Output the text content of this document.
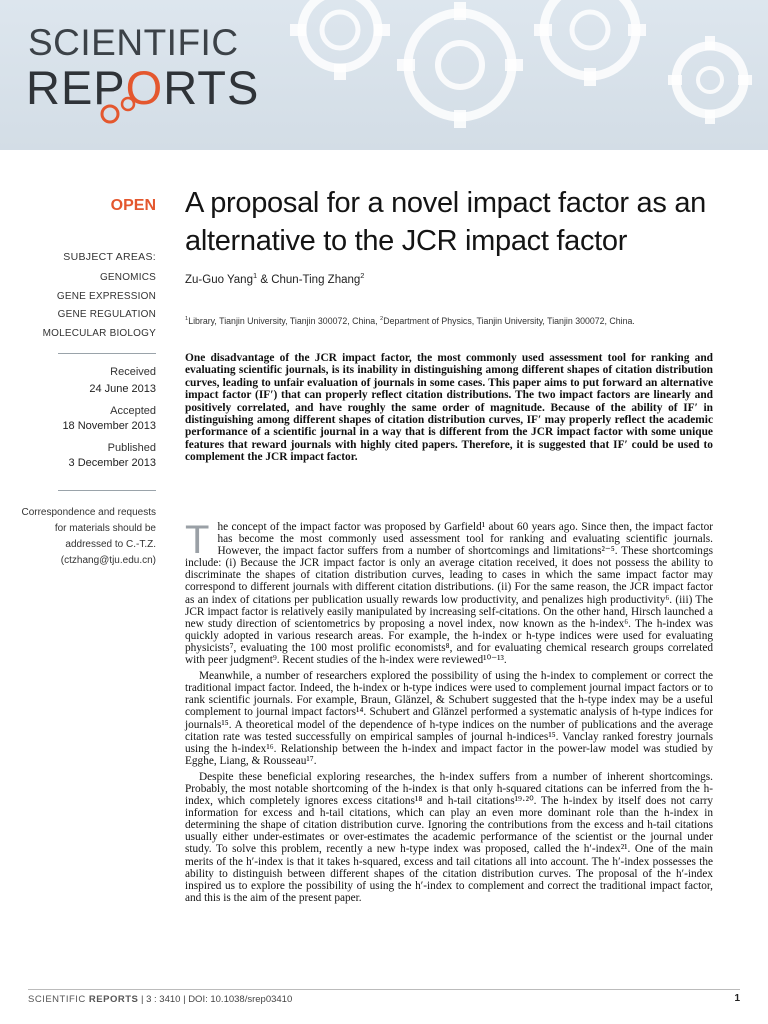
SCIENTIFIC
REPORTS
OPEN
SUBJECT AREAS:
GENOMICS
GENE EXPRESSION
GENE REGULATION
MOLECULAR BIOLOGY
Received
24 June 2013
Accepted
18 November 2013
Published
3 December 2013
Correspondence and requests for materials should be addressed to C.-T.Z. (ctzhang@tju.edu.cn)
A proposal for a novel impact factor as an alternative to the JCR impact factor
Zu-Guo Yang$^1$ & Chun-Ting Zhang$^2$
$^1$Library, Tianjin University, Tianjin 300072, China, $^2$Department of Physics, Tianjin University, Tianjin 300072, China.
One disadvantage of the JCR impact factor, the most commonly used assessment tool for ranking and evaluating scientific journals, is its inability in distinguishing among different shapes of citation distribution curves, leading to unfair evaluation of journals in some cases. This paper aims to put forward an alternative impact factor (IF′) that can properly reflect citation distributions. The two impact factors are linearly and positively correlated, and have roughly the same order of magnitude. Because of the ability of IF′ in distinguishing among different shapes of citation distribution curves, IF′ may properly reflect the academic performance of a scientific journal in a way that is different from the JCR impact factor with some unique features that reward journals with highly cited papers. Therefore, it is suggested that IF′ could be used to complement the JCR impact factor.

The concept of the impact factor was proposed by Garfield¹ about 60 years ago. Since then, the impact factor has become the most commonly used assessment tool for ranking and evaluating scientific journals. However, the impact factor suffers from a number of shortcomings and limitations²⁻⁵. These shortcomings include: (i) Because the JCR impact factor is only an average citation received, it does not possess the ability to discriminate the shapes of citation distribution curves, leading to cases in which the same impact factor may correspond to different journals with different citation distributions. (ii) For the same reason, the JCR impact factor as an index of citations per publication usually rewards low productivity, and penalizes high productivity⁶. (iii) The JCR impact factor is relatively easily manipulated by increasing self-citations. On the other hand, Hirsch launched a new study direction of scientometrics by proposing a novel index, now known as the h-index⁶. The h-index was quickly adopted in various research areas. For example, the h-index or h-type indices were used for evaluating physicists⁷, evaluating the 100 most prolific economists⁸, and for evaluating chemical research groups correlated with peer judgment⁹. Recent studies of the h-index were reviewed¹⁰⁻¹³.

Meanwhile, a number of researchers explored the possibility of using the h-index to complement or correct the traditional impact factor. Indeed, the h-index or h-type indices were used to complement journal impact factors or to rank scientific journals. For example, Braun, Glänzel, & Schubert suggested that the h-type index may be a useful complement to journal impact factors¹⁴. Schubert and Glänzel performed a systematic analysis of h-type indices for journals¹⁵. A theoretical model of the dependence of h-type indices on the number of publications and the average citation rate was tested successfully on empirical samples of journal h-indices¹⁵. Vanclay ranked forestry journals using the h-index¹⁶. Relationship between the h-index and impact factor in the power-law model was studied by Egghe, Liang, & Rousseau¹⁷.

Despite these beneficial exploring researches, the h-index suffers from a number of inherent shortcomings. Probably, the most notable shortcoming of the h-index is that only h-squared citations can be inferred from the h-index, which completely ignores excess citations¹⁸ and h-tail citations¹⁹·²⁰. The h-index by itself does not carry information for excess and h-tail citations, which can play an even more dominant role than the h-index in determining the shape of citation distribution curve. Ignoring the contributions from the excess and h-tail citations usually either under-estimates or over-estimates the academic performance of the scientist or the journal under study. To solve this problem, recently a new h-type index was proposed, called the h′-index²¹. One of the main merits of the h′-index is that it takes h-squared, excess and tail citations all into account. The h′-index possesses the ability to distinguish between different shapes of the citation distribution curves. The proposal of the h′-index inspired us to explore the possibility of using the h′-index to complement and correct the traditional impact factor, and this is the aim of the present paper.

SCIENTIFIC REPORTS | 3 : 3410 | DOI: 10.1038/srep03410	1
